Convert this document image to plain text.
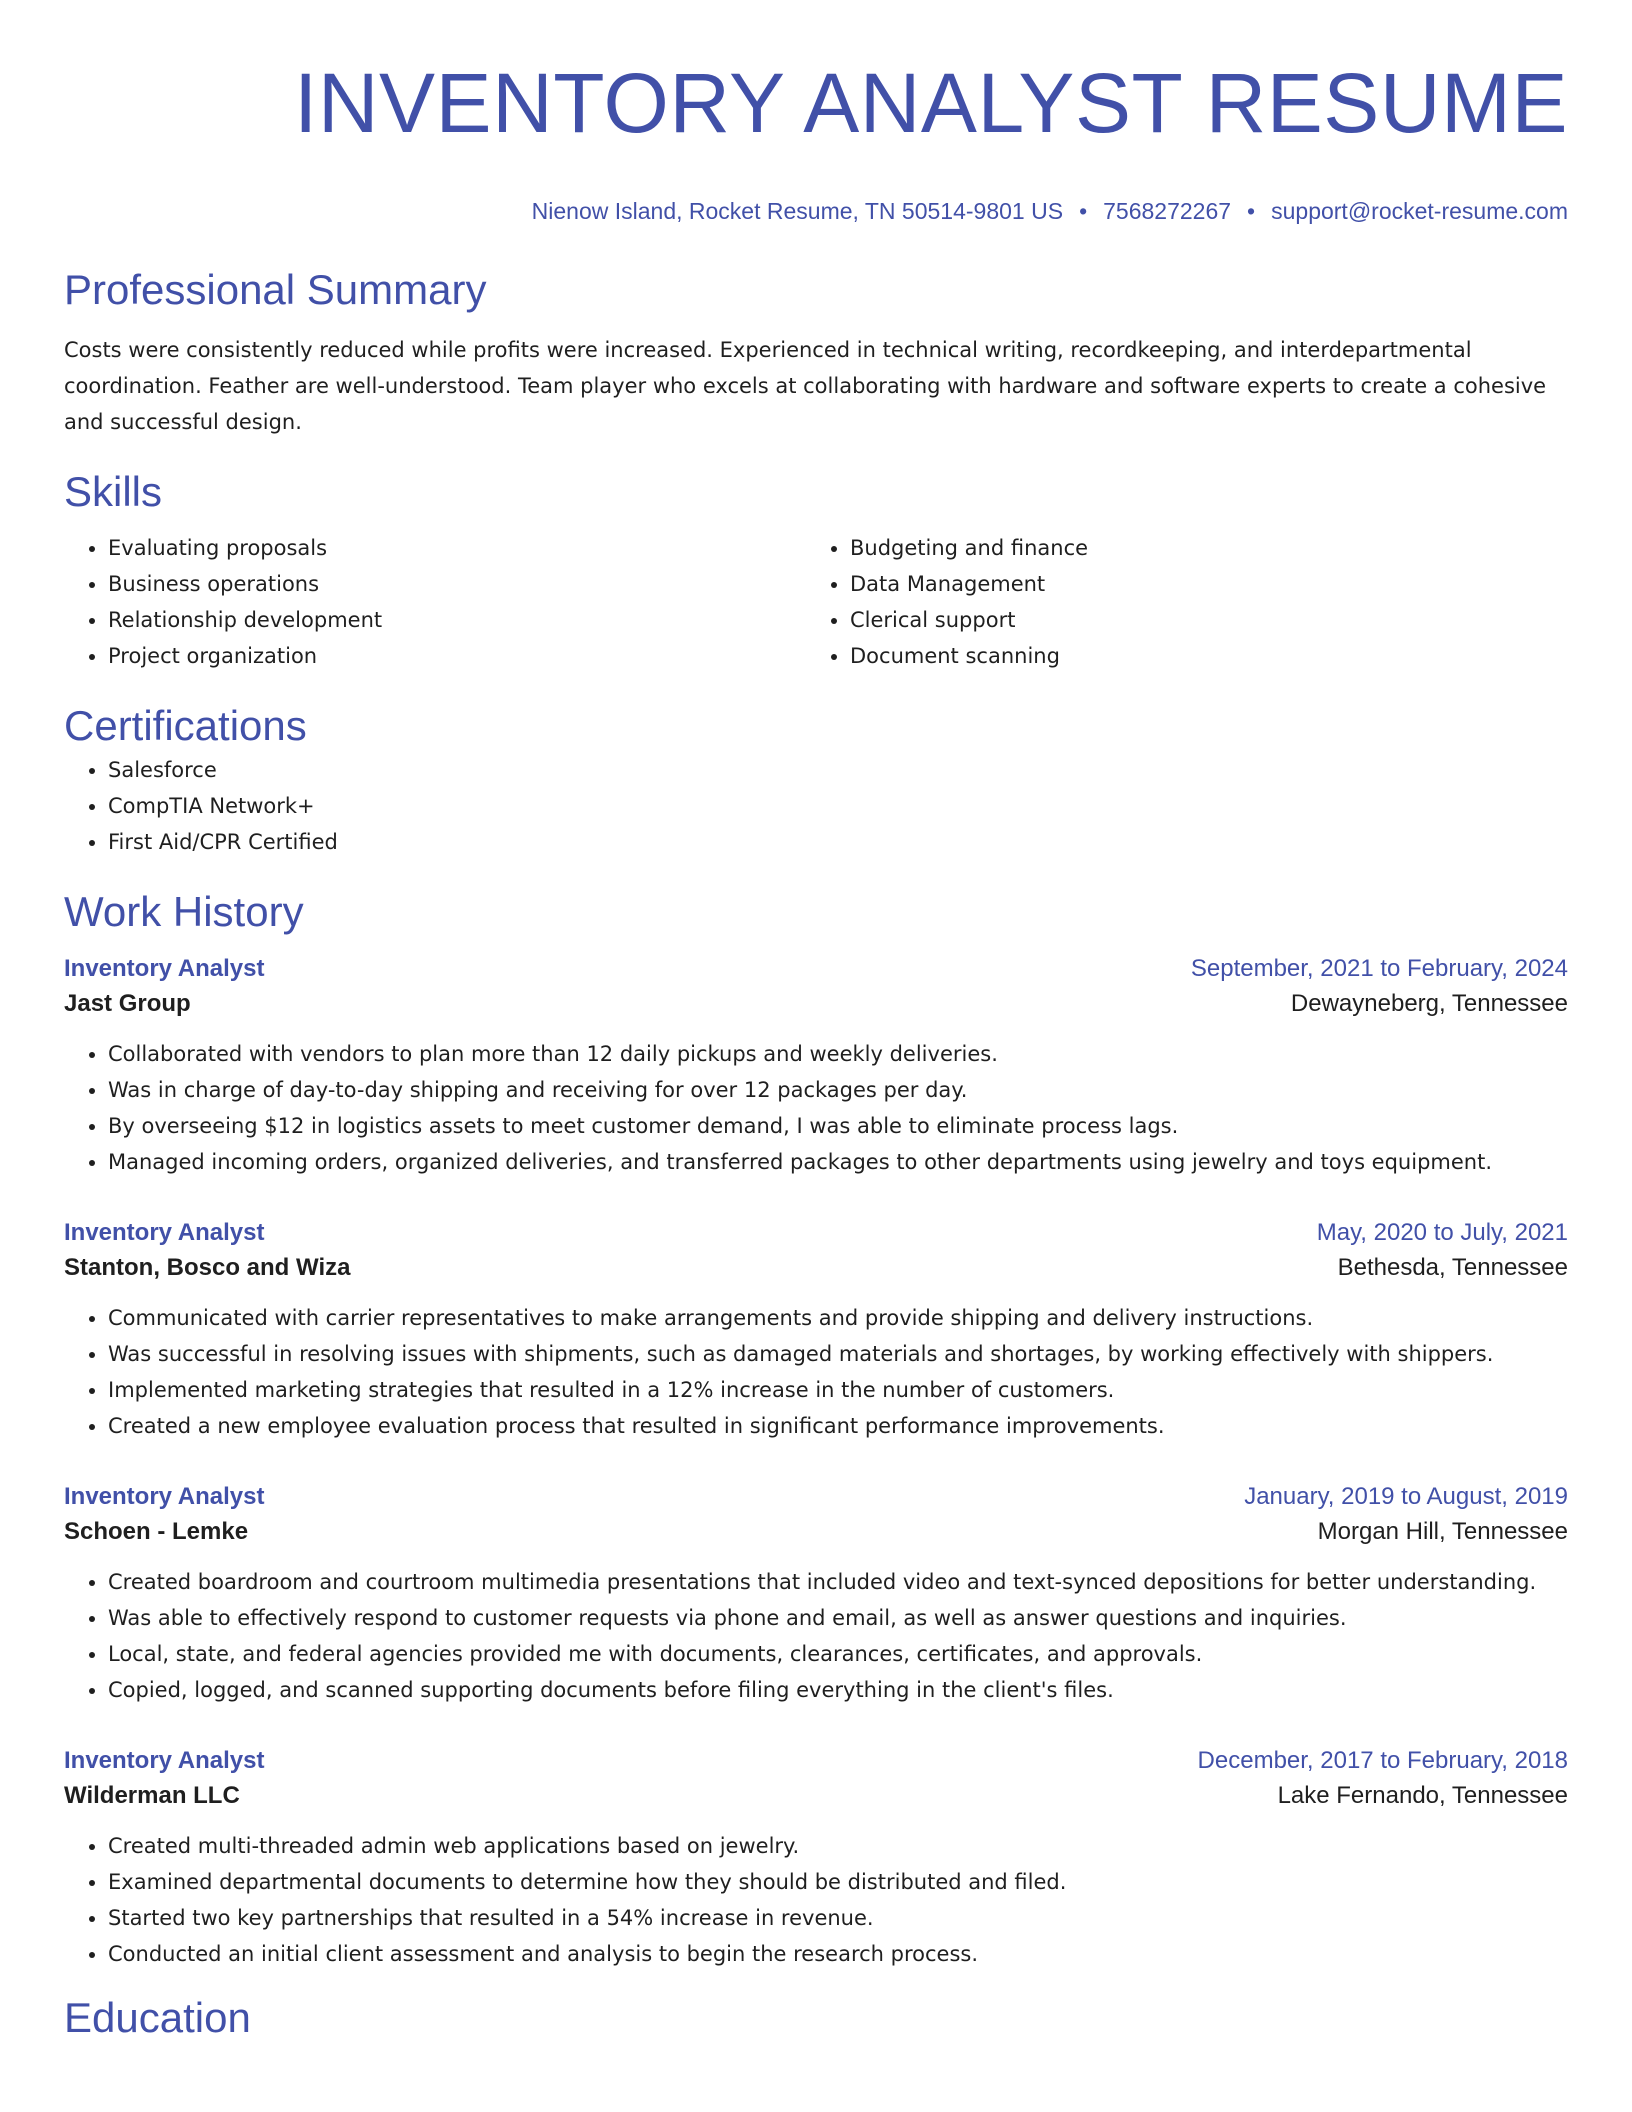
INVENTORY ANALYST RESUME
Nienow Island, Rocket Resume, TN 50514-9801 US • 7568272267 • support@rocket-resume.com
Professional Summary

Costs were consistently reduced while profits were increased. Experienced in technical writing, recordkeeping, and interdepartmental coordination. Feather are well-understood. Team player who excels at collaborating with hardware and software experts to create a cohesive and successful design.

Skills
• Evaluating proposals
• Business operations
• Relationship development
• Project organization
• Budgeting and finance
• Data Management
• Clerical support
• Document scanning
Certifications
• Salesforce
• CompTIA Network+
• First Aid/CPR Certified
Work History
Inventory Analyst	September, 2021 to February, 2024
Jast Group	Dewayneberg, Tennessee
• Collaborated with vendors to plan more than 12 daily pickups and weekly deliveries.
• Was in charge of day-to-day shipping and receiving for over 12 packages per day.
• By overseeing $12 in logistics assets to meet customer demand, I was able to eliminate process lags.
• Managed incoming orders, organized deliveries, and transferred packages to other departments using jewelry and toys equipment.
Inventory Analyst	May, 2020 to July, 2021
Stanton, Bosco and Wiza	Bethesda, Tennessee
• Communicated with carrier representatives to make arrangements and provide shipping and delivery instructions.
• Was successful in resolving issues with shipments, such as damaged materials and shortages, by working effectively with shippers.
• Implemented marketing strategies that resulted in a 12% increase in the number of customers.
• Created a new employee evaluation process that resulted in significant performance improvements.
Inventory Analyst	January, 2019 to August, 2019
Schoen - Lemke	Morgan Hill, Tennessee
• Created boardroom and courtroom multimedia presentations that included video and text-synced depositions for better understanding.
• Was able to effectively respond to customer requests via phone and email, as well as answer questions and inquiries.
• Local, state, and federal agencies provided me with documents, clearances, certificates, and approvals.
• Copied, logged, and scanned supporting documents before filing everything in the client's files.
Inventory Analyst	December, 2017 to February, 2018
Wilderman LLC	Lake Fernando, Tennessee
• Created multi-threaded admin web applications based on jewelry.
• Examined departmental documents to determine how they should be distributed and filed.
• Started two key partnerships that resulted in a 54% increase in revenue.
• Conducted an initial client assessment and analysis to begin the research process.
Education
